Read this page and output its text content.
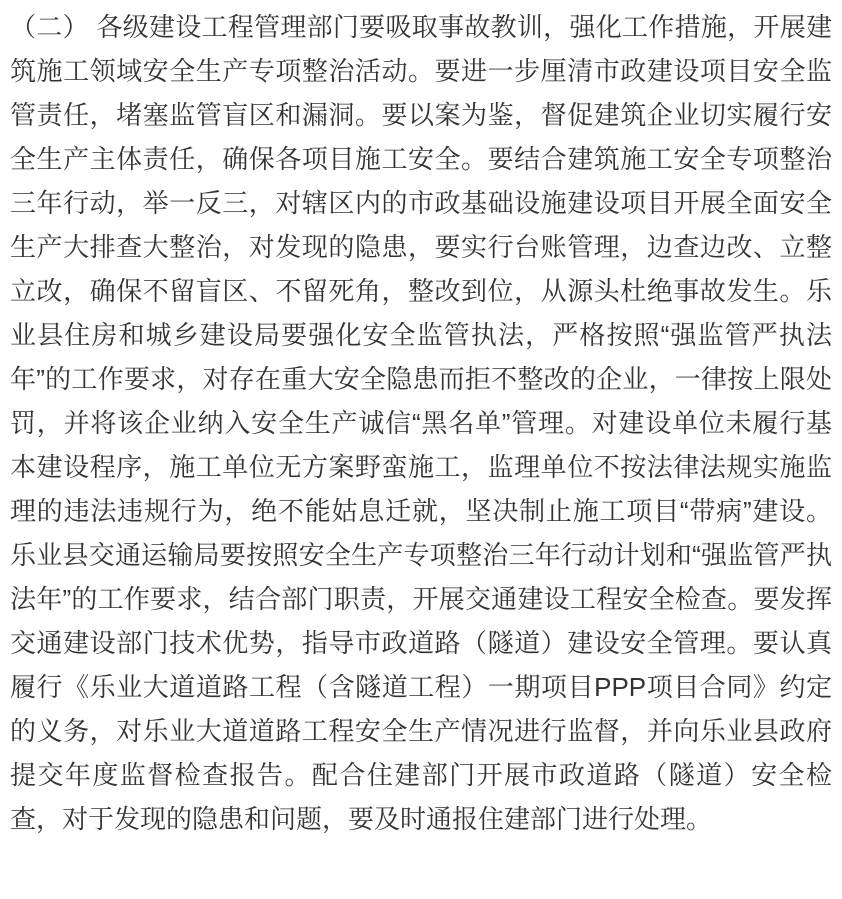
（二） 各级建设工程管理部门要吸取事故教训，强化工作措施，开展建筑施工领域安全生产专项整治活动。要进一步厘清市政建设项目安全监管责任，堵塞监管盲区和漏洞。要以案为鉴，督促建筑企业切实履行安全生产主体责任，确保各项目施工安全。要结合建筑施工安全专项整治三年行动，举一反三，对辖区内的市政基础设施建设项目开展全面安全生产大排查大整治，对发现的隐患，要实行台账管理，边查边改、立整立改，确保不留盲区、不留死角，整改到位，从源头杜绝事故发生。乐业县住房和城乡建设局要强化安全监管执法，严格按照“强监管严执法年”的工作要求，对存在重大安全隐患而拒不整改的企业，一律按上限处罚，并将该企业纳入安全生产诚信“黑名单”管理。对建设单位未履行基本建设程序，施工单位无方案野蛮施工，监理单位不按法律法规实施监理的违法违规行为，绝不能姑息迁就，坚决制止施工项目“带病”建设。乐业县交通运输局要按照安全生产专项整治三年行动计划和“强监管严执法年”的工作要求，结合部门职责，开展交通建设工程安全检查。要发挥交通建设部门技术优势，指导市政道路（隧道）建设安全管理。要认真履行《乐业大道道路工程（含隧道工程）一期项目PPP项目合同》约定的义务，对乐业大道道路工程安全生产情况进行监督，并向乐业县政府提交年度监督检查报告。配合住建部门开展市政道路（隧道）安全检查，对于发现的隐患和问题，要及时通报住建部门进行处理。
